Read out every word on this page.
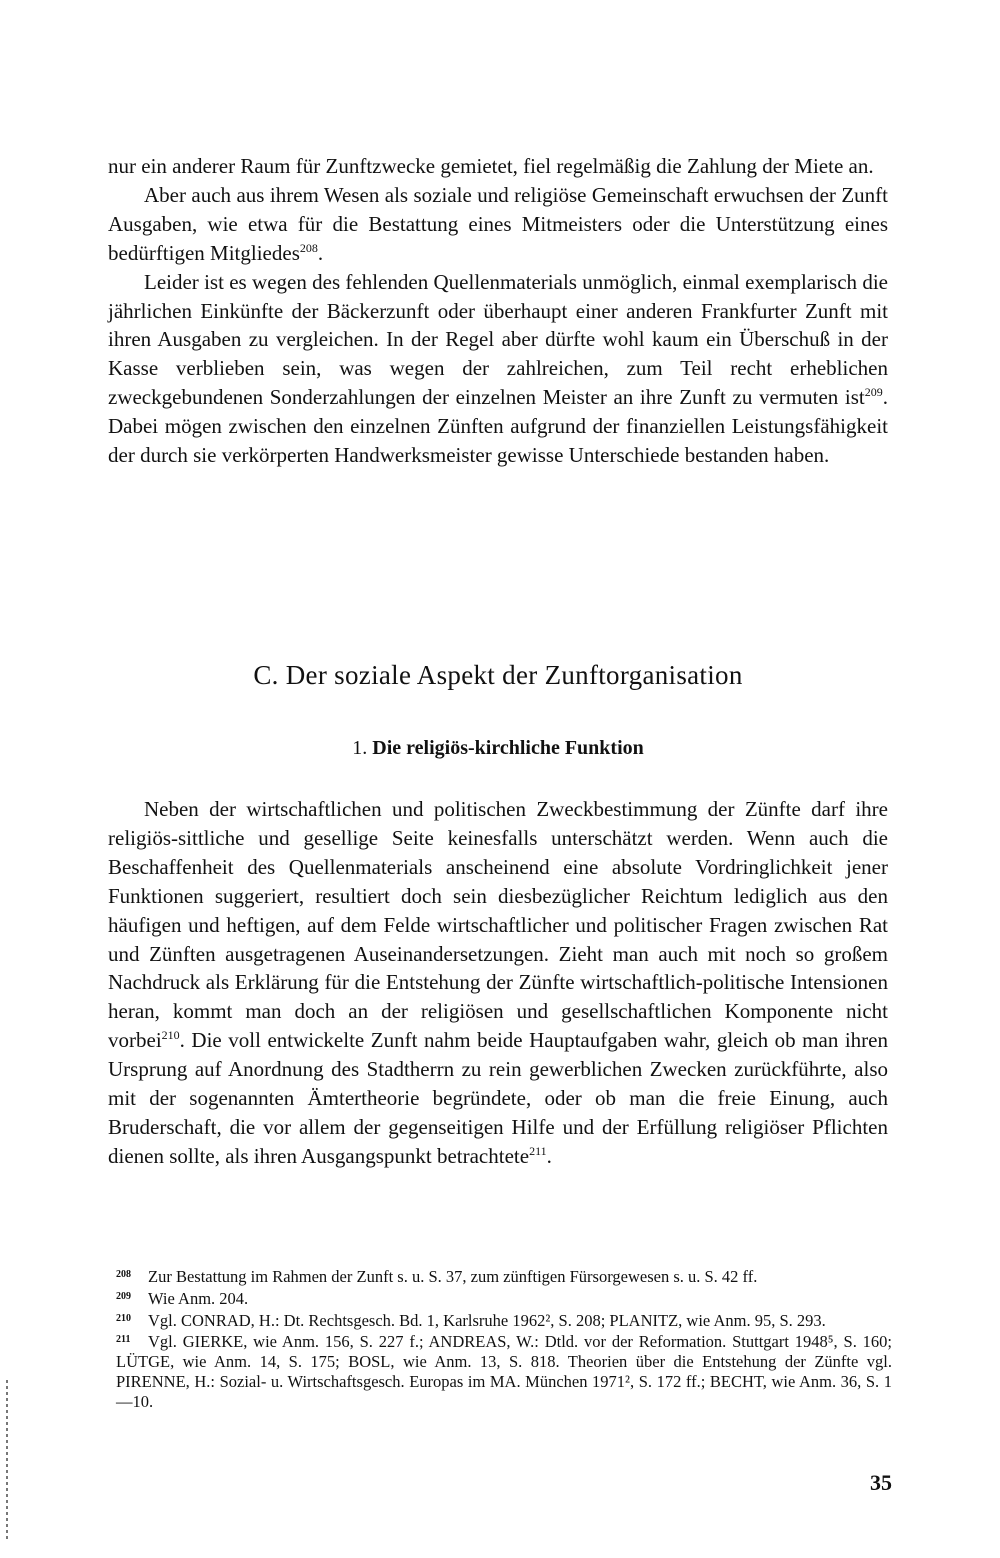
nur ein anderer Raum für Zunftzwecke gemietet, fiel regelmäßig die Zahlung der Miete an.

Aber auch aus ihrem Wesen als soziale und religiöse Gemeinschaft erwuchsen der Zunft Ausgaben, wie etwa für die Bestattung eines Mitmeisters oder die Unterstützung eines bedürftigen Mitgliedes$^{208}$.

Leider ist es wegen des fehlenden Quellenmaterials unmöglich, einmal exemplarisch die jährlichen Einkünfte der Bäckerzunft oder überhaupt einer anderen Frankfurter Zunft mit ihren Ausgaben zu vergleichen. In der Regel aber dürfte wohl kaum ein Überschuß in der Kasse verblieben sein, was wegen der zahlreichen, zum Teil recht erheblichen zweckgebundenen Sonderzahlungen der einzelnen Meister an ihre Zunft zu vermuten ist$^{209}$. Dabei mögen zwischen den einzelnen Zünften aufgrund der finanziellen Leistungsfähigkeit der durch sie verkörperten Handwerksmeister gewisse Unterschiede bestanden haben.

C. Der soziale Aspekt der Zunftorganisation
1. Die religiös-kirchliche Funktion

Neben der wirtschaftlichen und politischen Zweckbestimmung der Zünfte darf ihre religiös-sittliche und gesellige Seite keinesfalls unterschätzt werden. Wenn auch die Beschaffenheit des Quellenmaterials anscheinend eine absolute Vordringlichkeit jener Funktionen suggeriert, resultiert doch sein diesbezüglicher Reichtum lediglich aus den häufigen und heftigen, auf dem Felde wirtschaftlicher und politischer Fragen zwischen Rat und Zünften ausgetragenen Auseinandersetzungen. Zieht man auch mit noch so großem Nachdruck als Erklärung für die Entstehung der Zünfte wirtschaftlich-politische Intensionen heran, kommt man doch an der religiösen und gesellschaftlichen Komponente nicht vorbei$^{210}$. Die voll entwickelte Zunft nahm beide Hauptaufgaben wahr, gleich ob man ihren Ursprung auf Anordnung des Stadtherrn zu rein gewerblichen Zwecken zurückführte, also mit der sogenannten Ämtertheorie begründete, oder ob man die freie Einung, auch Bruderschaft, die vor allem der gegenseitigen Hilfe und der Erfüllung religiöser Pflichten dienen sollte, als ihren Ausgangspunkt betrachtete$^{211}$.

208 Zur Bestattung im Rahmen der Zunft s. u. S. 37, zum zünftigen Fürsorgewesen s. u. S. 42 ff.

209 Wie Anm. 204.

210 Vgl. CONRAD, H.: Dt. Rechtsgesch. Bd. 1, Karlsruhe 1962², S. 208; PLANITZ, wie Anm. 95, S. 293.

211 Vgl. GIERKE, wie Anm. 156, S. 227 f.; ANDREAS, W.: Dtld. vor der Reformation. Stuttgart 1948⁵, S. 160; LÜTGE, wie Anm. 14, S. 175; BOSL, wie Anm. 13, S. 818. Theorien über die Entstehung der Zünfte vgl. PIRENNE, H.: Sozial- u. Wirtschaftsgesch. Europas im MA. München 1971², S. 172 ff.; BECHT, wie Anm. 36, S. 1—10.

35
